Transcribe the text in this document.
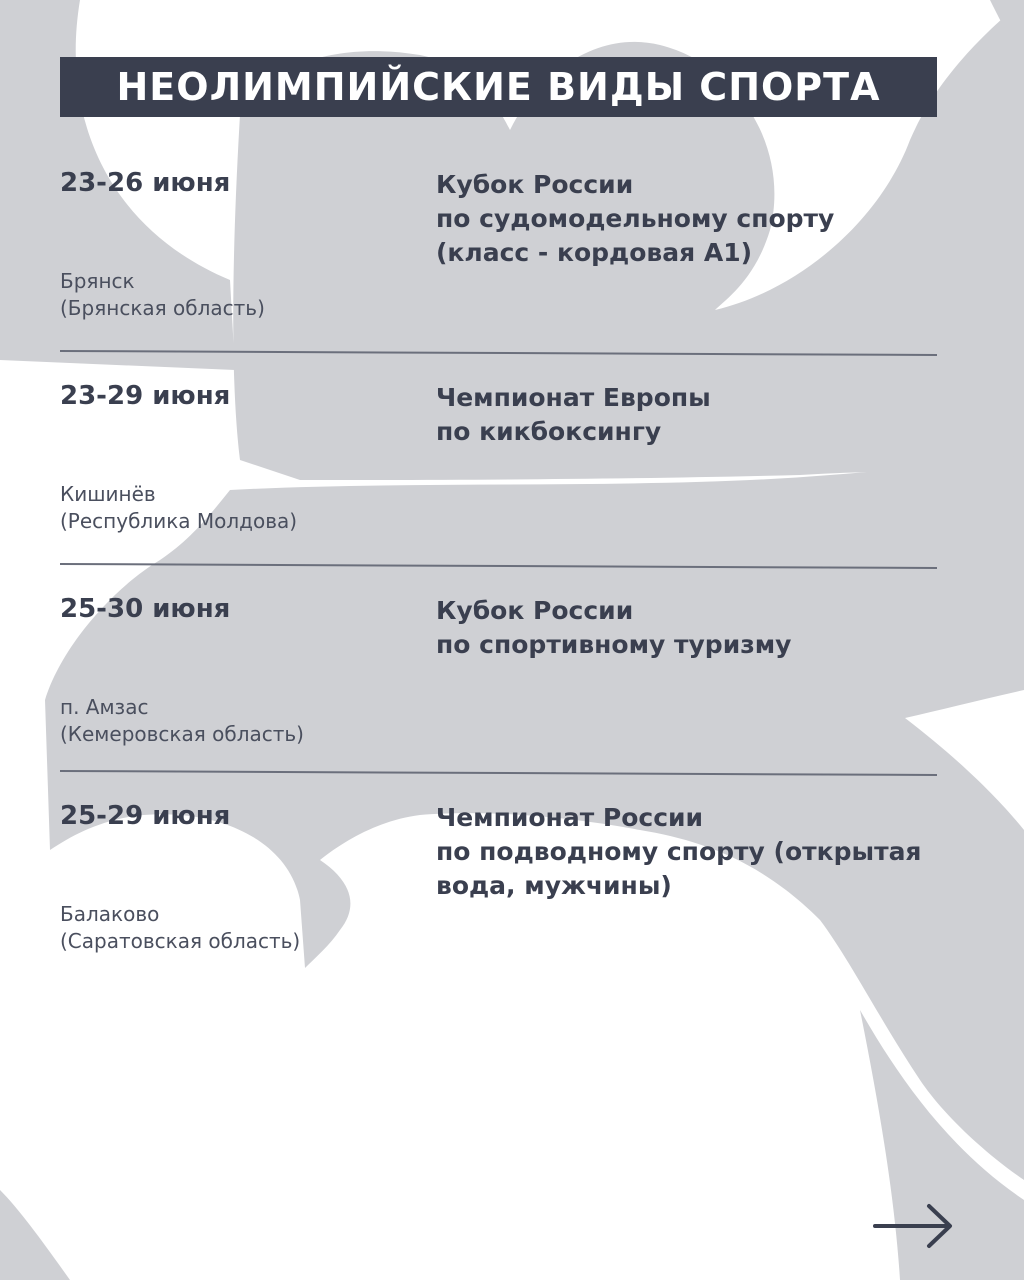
НЕОЛИМПИЙСКИЕ ВИДЫ СПОРТА
23-26 июня
Брянск
(Брянская область)
Кубок России
по судомодельному спорту
(класс - кордовая А1)
23-29 июня
Кишинёв
(Республика Молдова)
Чемпионат Европы
по кикбоксингу
25-30 июня
п. Амзас
(Кемеровская область)
Кубок России
по спортивному туризму
25-29 июня
Балаково
(Саратовская область)
Чемпионат России
по подводному спорту (открытая
вода, мужчины)
